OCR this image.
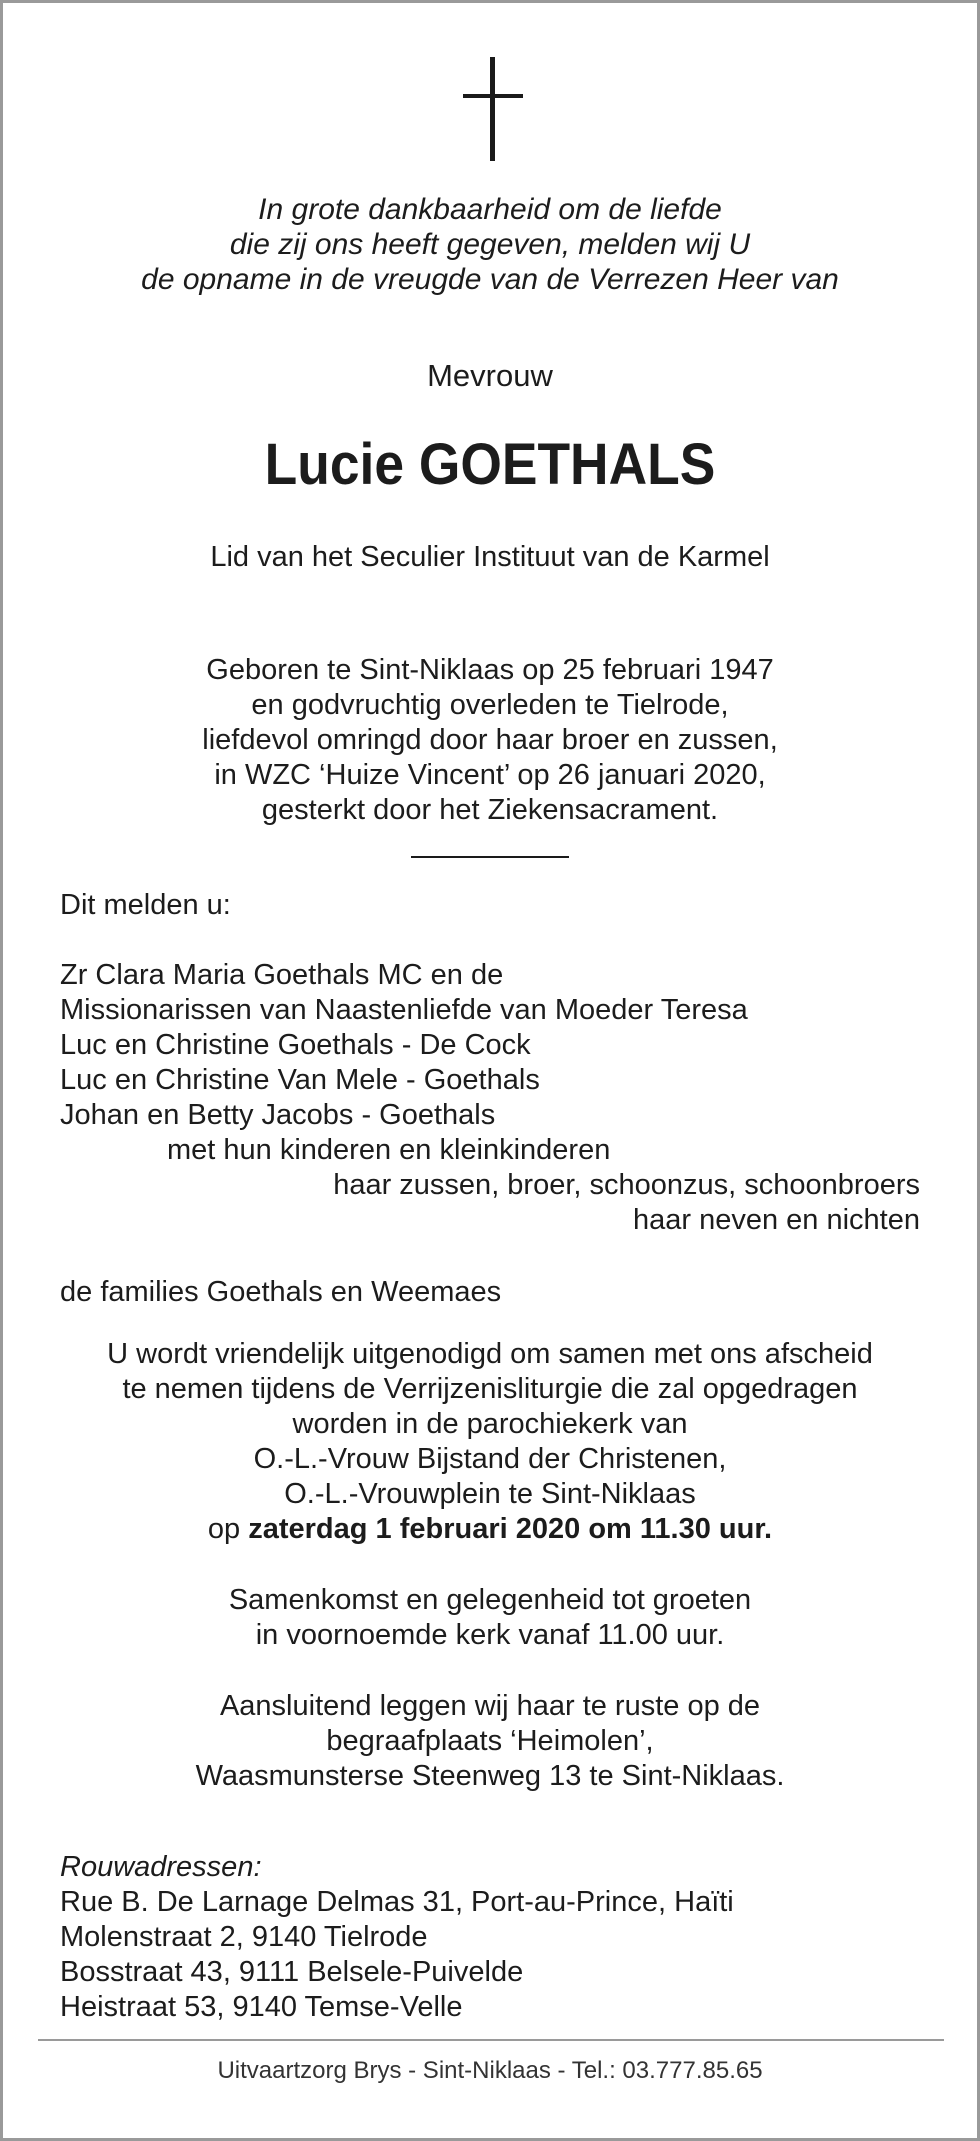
In grote dankbaarheid om de liefde
die zij ons heeft gegeven, melden wij U
de opname in de vreugde van de Verrezen Heer van
Mevrouw
Lucie GOETHALS
Lid van het Seculier Instituut van de Karmel
Geboren te Sint-Niklaas op 25 februari 1947
en godvruchtig overleden te Tielrode,
liefdevol omringd door haar broer en zussen,
in WZC ‘Huize Vincent’ op 26 januari 2020,
gesterkt door het Ziekensacrament.
Dit melden u:
Zr Clara Maria Goethals MC en de
Missionarissen van Naastenliefde van Moeder Teresa
Luc en Christine Goethals - De Cock
Luc en Christine Van Mele - Goethals
Johan en Betty Jacobs - Goethals
met hun kinderen en kleinkinderen
haar zussen, broer, schoonzus, schoonbroers
haar neven en nichten
de families Goethals en Weemaes
U wordt vriendelijk uitgenodigd om samen met ons afscheid
te nemen tijdens de Verrijzenisliturgie die zal opgedragen
worden in de parochiekerk van
O.-L.-Vrouw Bijstand der Christenen,
O.-L.-Vrouwplein te Sint-Niklaas
op zaterdag 1 februari 2020 om 11.30 uur.
Samenkomst en gelegenheid tot groeten
in voornoemde kerk vanaf 11.00 uur.
Aansluitend leggen wij haar te ruste op de
begraafplaats ‘Heimolen’,
Waasmunsterse Steenweg 13 te Sint-Niklaas.
Rouwadressen:
Rue B. De Larnage Delmas 31, Port-au-Prince, Haïti
Molenstraat 2, 9140 Tielrode
Bosstraat 43, 9111 Belsele-Puivelde
Heistraat 53, 9140 Temse-Velle
Uitvaartzorg Brys - Sint-Niklaas - Tel.: 03.777.85.65
